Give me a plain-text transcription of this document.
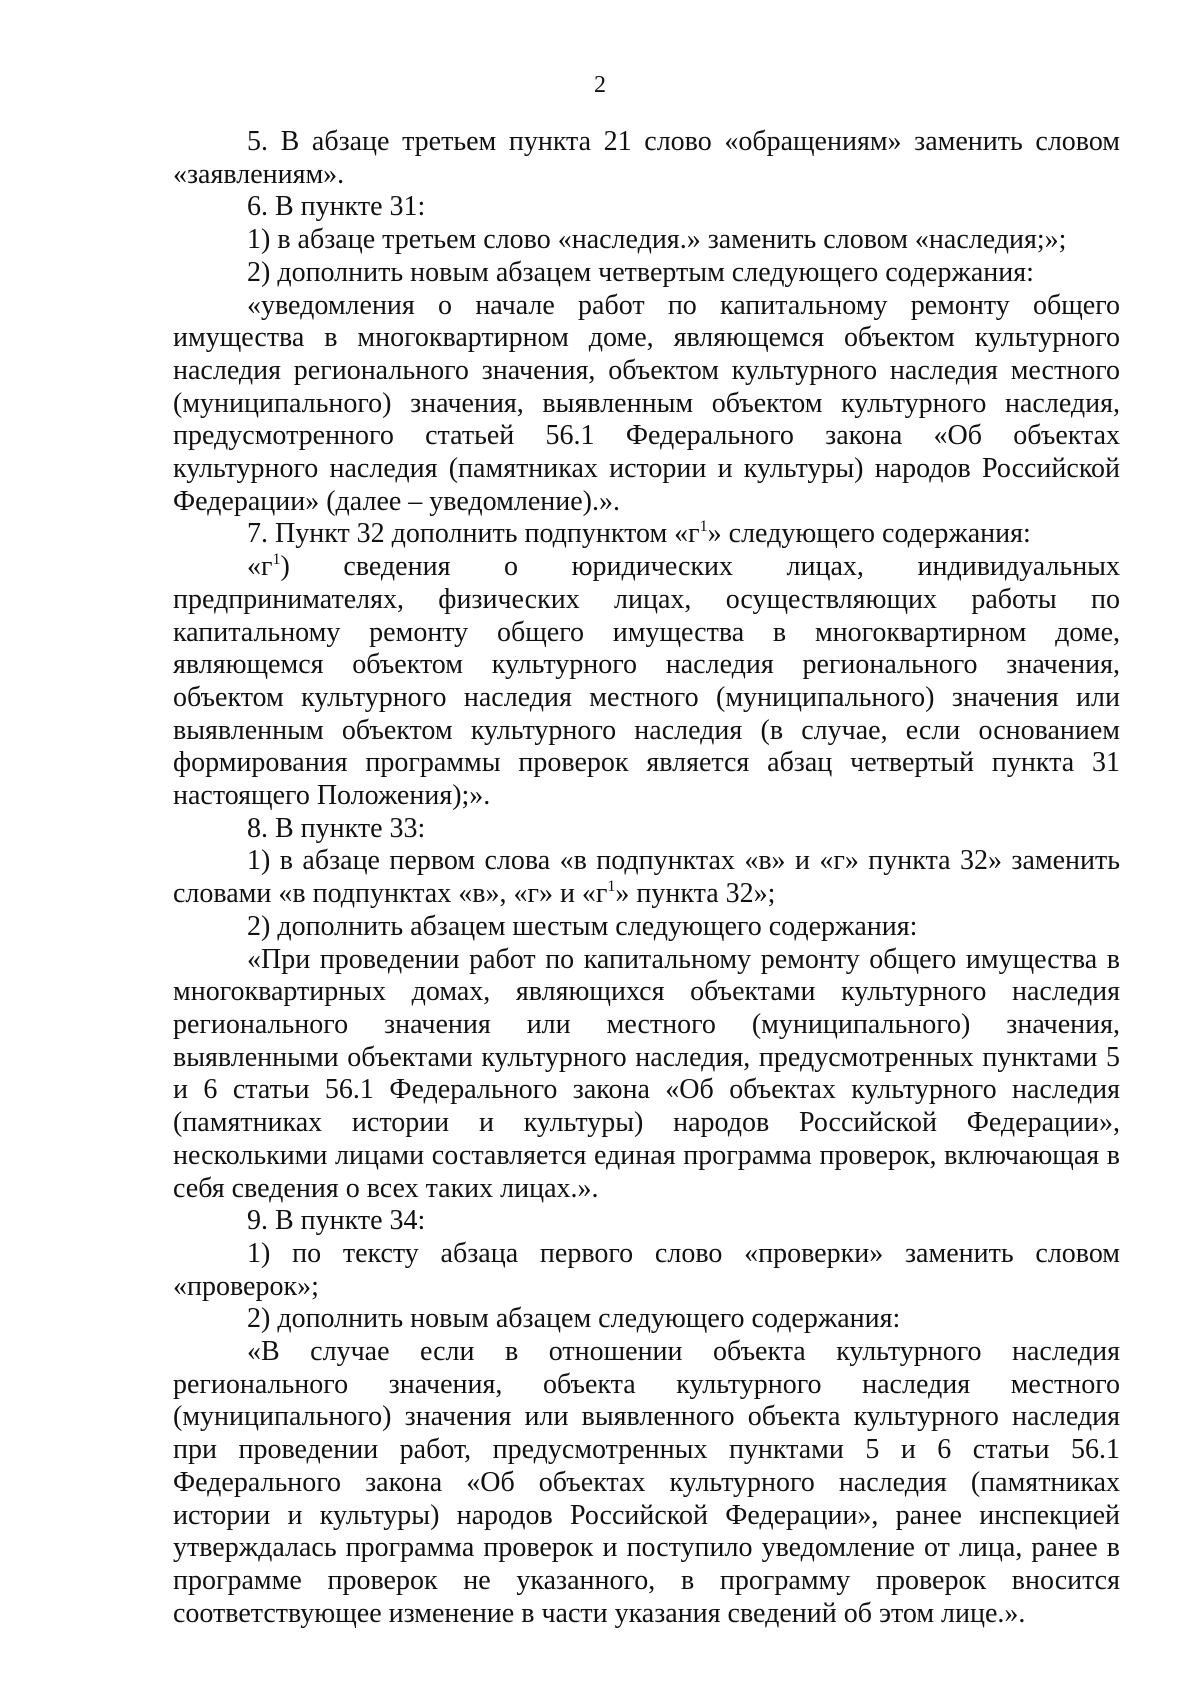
2

5. В абзаце третьем пункта 21 слово «обращениям» заменить словом «заявлениям».

6. В пункте 31:

1) в абзаце третьем слово «наследия.» заменить словом «наследия;»;

2) дополнить новым абзацем четвертым следующего содержания:

«уведомления о начале работ по капитальному ремонту общего имущества в многоквартирном доме, являющемся объектом культурного наследия регионального значения, объектом культурного наследия местного (муниципального) значения, выявленным объектом культурного наследия, предусмотренного статьей 56.1 Федерального закона «Об объектах культурного наследия (памятниках истории и культуры) народов Российской Федерации» (далее – уведомление).».

7. Пункт 32 дополнить подпунктом «$г^1$» следующего содержания:

«$г^1$) сведения о юридических лицах, индивидуальных предпринимателях, физических лицах, осуществляющих работы по капитальному ремонту общего имущества в многоквартирном доме, являющемся объектом культурного наследия регионального значения, объектом культурного наследия местного (муниципального) значения или выявленным объектом культурного наследия (в случае, если основанием формирования программы проверок является абзац четвертый пункта 31 настоящего Положения);».

8. В пункте 33:

1) в абзаце первом слова «в подпунктах «в» и «г» пункта 32» заменить словами «в подпунктах «в», «г» и «$г^1$» пункта 32»;

2) дополнить абзацем шестым следующего содержания:

«При проведении работ по капитальному ремонту общего имущества в многоквартирных домах, являющихся объектами культурного наследия регионального значения или местного (муниципального) значения, выявленными объектами культурного наследия, предусмотренных пунктами 5 и 6 статьи 56.1 Федерального закона «Об объектах культурного наследия (памятниках истории и культуры) народов Российской Федерации», несколькими лицами составляется единая программа проверок, включающая в себя сведения о всех таких лицах.».

9. В пункте 34:

1) по тексту абзаца первого слово «проверки» заменить словом «проверок»;

2) дополнить новым абзацем следующего содержания:

«В случае если в отношении объекта культурного наследия регионального значения, объекта культурного наследия местного (муниципального) значения или выявленного объекта культурного наследия при проведении работ, предусмотренных пунктами 5 и 6 статьи 56.1 Федерального закона «Об объектах культурного наследия (памятниках истории и культуры) народов Российской Федерации», ранее инспекцией утверждалась программа проверок и поступило уведомление от лица, ранее в программе проверок не указанного, в программу проверок вносится соответствующее изменение в части указания сведений об этом лице.».
